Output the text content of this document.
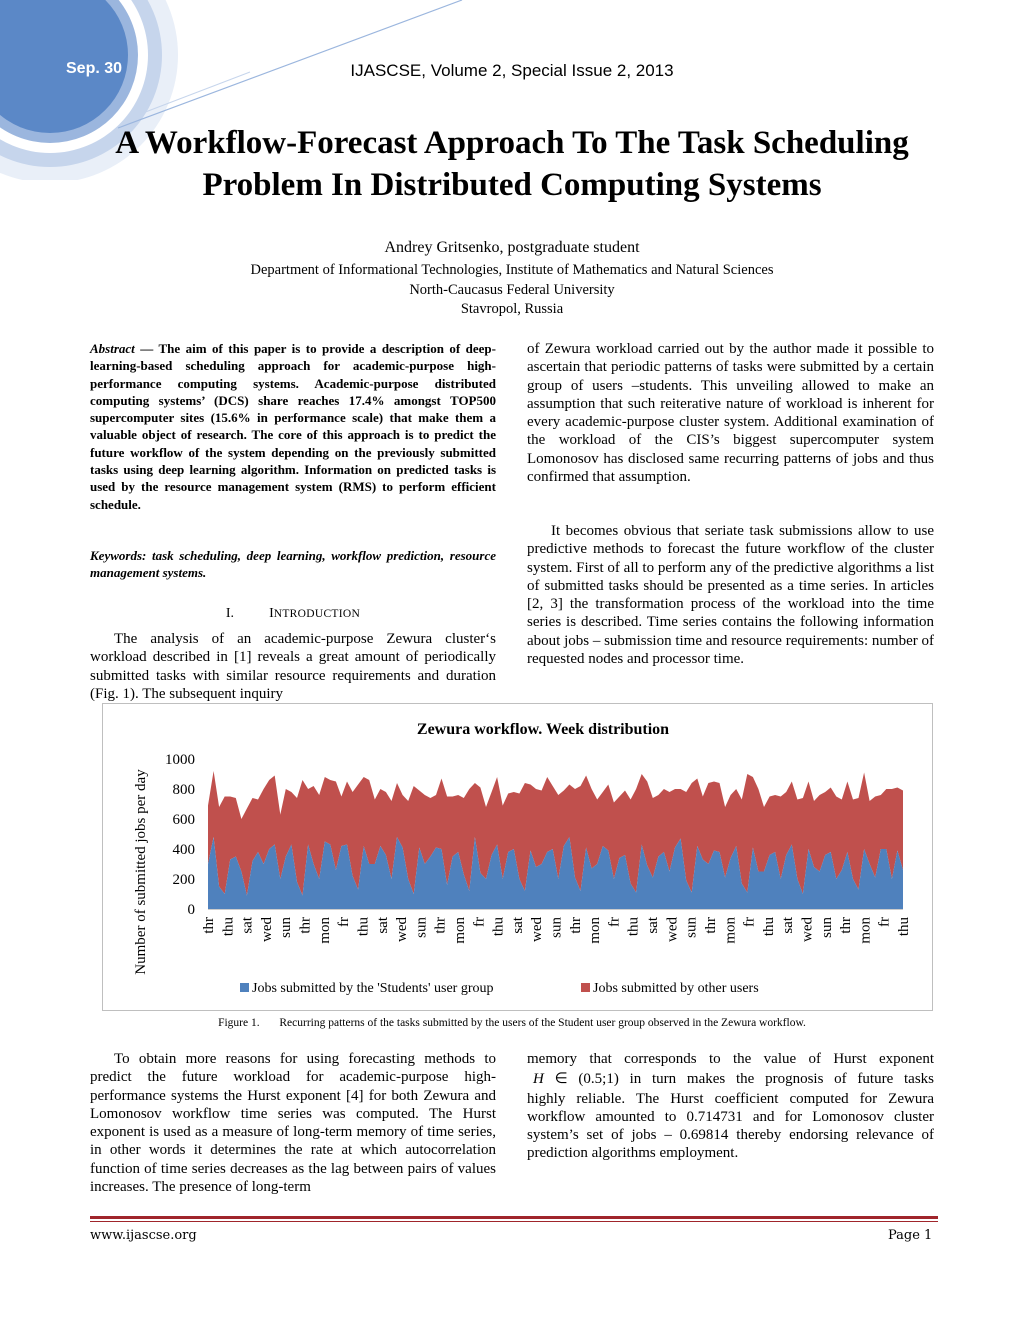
Sep. 30	IJASCSE, Volume 2, Special Issue 2, 2013
A Workflow-Forecast Approach To The Task Scheduling
Problem In Distributed Computing Systems
Andrey Gritsenko, postgraduate student
Department of Informational Technologies, Institute of Mathematics and Natural Sciences
North-Caucasus Federal University
Stavropol, Russia
Abstract — The aim of this paper is to provide a description of deep-learning-based scheduling approach for academic-purpose high-performance computing systems. Academic-purpose distributed computing systems’ (DCS) share reaches 17.4% amongst TOP500 supercomputer sites (15.6% in performance scale) that make them a valuable object of research. The core of this approach is to predict the future workflow of the system depending on the previously submitted tasks using deep learning algorithm. Information on predicted tasks is used by the resource management system (RMS) to perform efficient schedule.
Keywords: task scheduling, deep learning, workflow prediction, resource management systems.
I.	INTRODUCTION

The analysis of an academic-purpose Zewura cluster‘s workload described in [1] reveals a great amount of periodically submitted tasks with similar resource requirements and duration (Fig. 1). The subsequent inquiry

of Zewura workload carried out by the author made it possible to ascertain that periodic patterns of tasks were submitted by a certain group of users –students. This unveiling allowed to make an assumption that such reiterative nature of workload is inherent for every academic-purpose cluster system. Additional examination of the workload of the CIS’s biggest supercomputer system Lomonosov has disclosed same recurring patterns of jobs and thus confirmed that assumption.

It becomes obvious that seriate task submissions allow to use predictive methods to forecast the future workflow of the cluster system. First of all to perform any of the predictive algorithms a list of submitted tasks should be presented as a time series. In articles [2, 3] the transformation process of the workload into the time series is described. Time series contains the following information about jobs – submission time and resource requirements: number of requested nodes and processor time.

Zewura workflow. Week distribution
Number of submitted jobs per day	0
200
400
600
800
1000
thr thu sat wed sun thr mon fr thu sat wed sun thr mon fr thu sat wed sun thr mon fr thu sat wed sun thr mon fr thu sat wed sun thr mon fr thu
Jobs submitted by the 'Students' user group	Jobs submitted by other users
Figure 1. Recurring patterns of the tasks submitted by the users of the Student user group observed in the Zewura workflow.

To obtain more reasons for using forecasting methods to predict the future workload for academic-purpose high-performance systems the Hurst exponent [4] for both Zewura and Lomonosov workflow time series was computed. The Hurst exponent is used as a measure of long-term memory of time series, in other words it determines the rate at which autocorrelation function of time series decreases as the lag between pairs of values increases. The presence of long-term

memory that corresponds to the value of Hurst exponent

H ∈ (0.5;1) in turn makes the prognosis of future tasks

highly reliable. The Hurst coefficient computed for Zewura workflow amounted to 0.714731 and for Lomonosov cluster system’s set of jobs – 0.69814 thereby endorsing relevance of prediction algorithms employment.

www.ijascse.org	Page 1
